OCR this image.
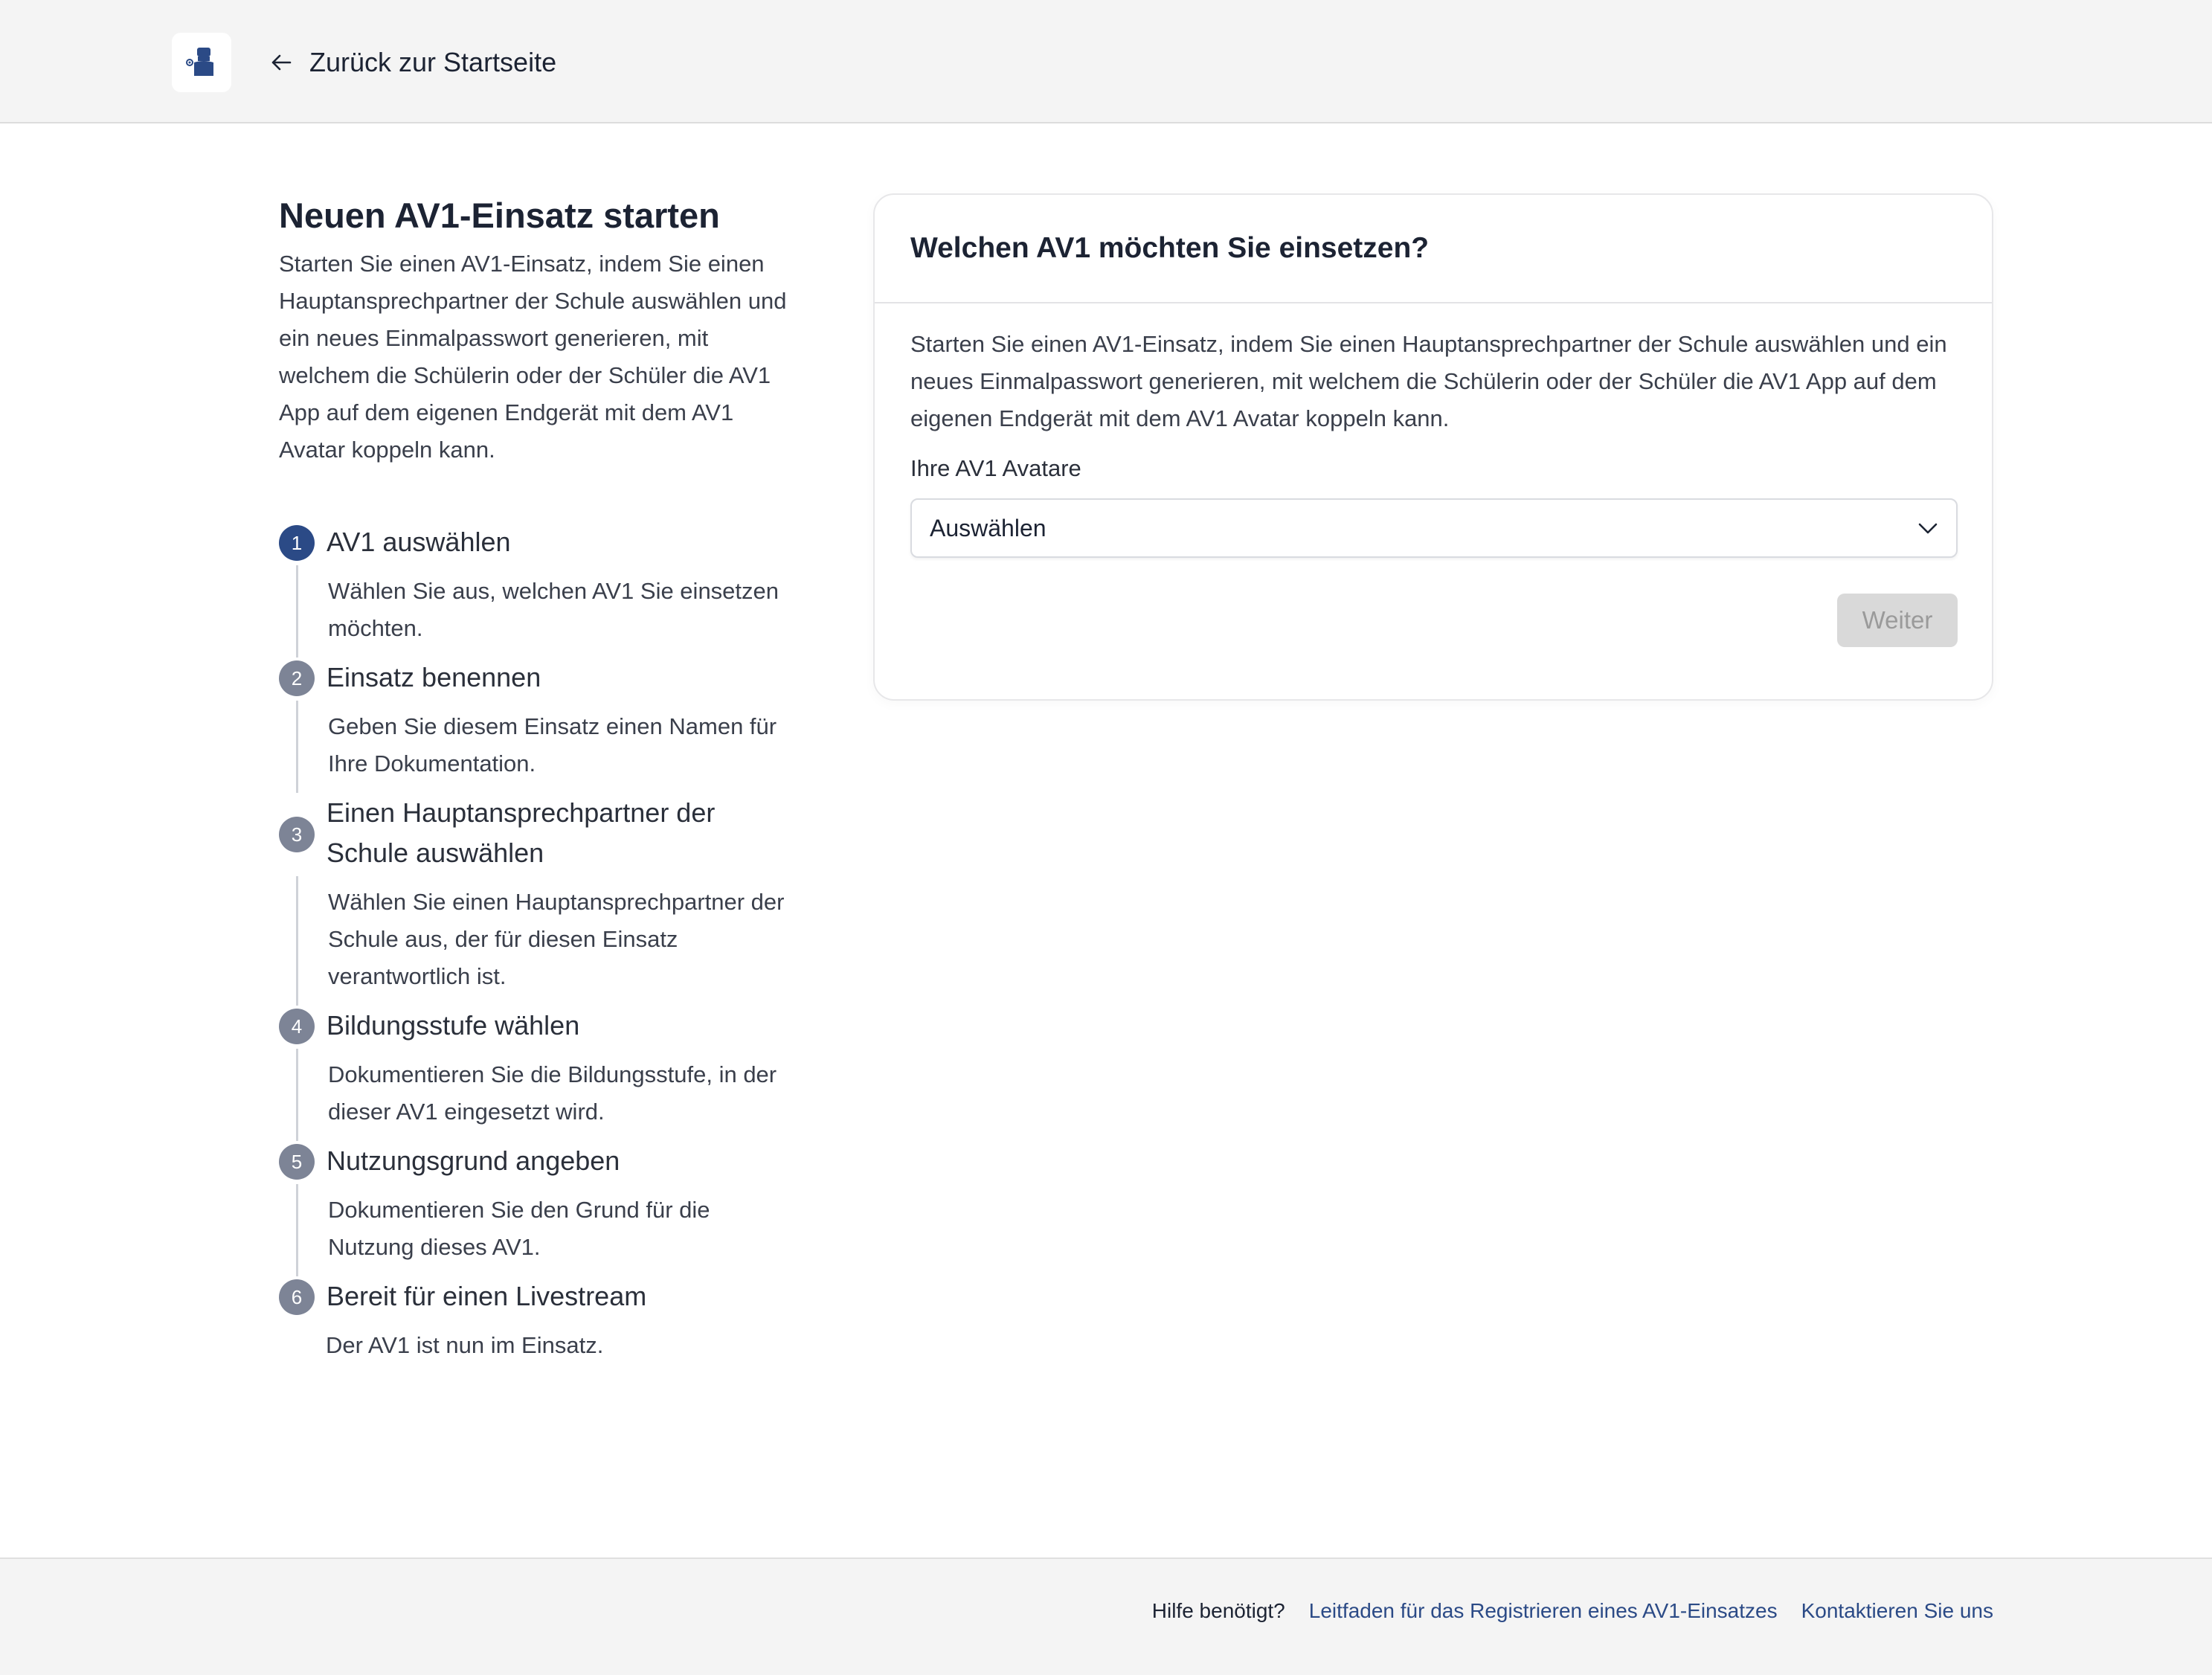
Zurück zur Startseite
Neuen AV1-Einsatz starten

Starten Sie einen AV1-Einsatz, indem Sie einen Hauptansprechpartner der Schule auswählen und ein neues Einmalpasswort generieren, mit welchem die Schülerin oder der Schüler die AV1 App auf dem eigenen Endgerät mit dem AV1 Avatar koppeln kann.

1 AV1 auswählen
Wählen Sie aus, welchen AV1 Sie einsetzen möchten.
2 Einsatz benennen
Geben Sie diesem Einsatz einen Namen für Ihre Dokumentation.
3
Einen Hauptansprechpartner der Schule auswählen
Wählen Sie einen Hauptansprechpartner der Schule aus, der für diesen Einsatz verantwortlich ist.
4 Bildungsstufe wählen
Dokumentieren Sie die Bildungsstufe, in der dieser AV1 eingesetzt wird.
5 Nutzungsgrund angeben
Dokumentieren Sie den Grund für die Nutzung dieses AV1.
6 Bereit für einen Livestream
Der AV1 ist nun im Einsatz.
Welchen AV1 möchten Sie einsetzen?

Starten Sie einen AV1-Einsatz, indem Sie einen Hauptansprechpartner der Schule auswählen und ein neues Einmalpasswort generieren, mit welchem die Schülerin oder der Schüler die AV1 App auf dem eigenen Endgerät mit dem AV1 Avatar koppeln kann.

Ihre AV1 Avatare
Auswählen
Weiter
Hilfe benötigt? Leitfaden für das Registrieren eines AV1-Einsatzes Kontaktieren Sie uns
